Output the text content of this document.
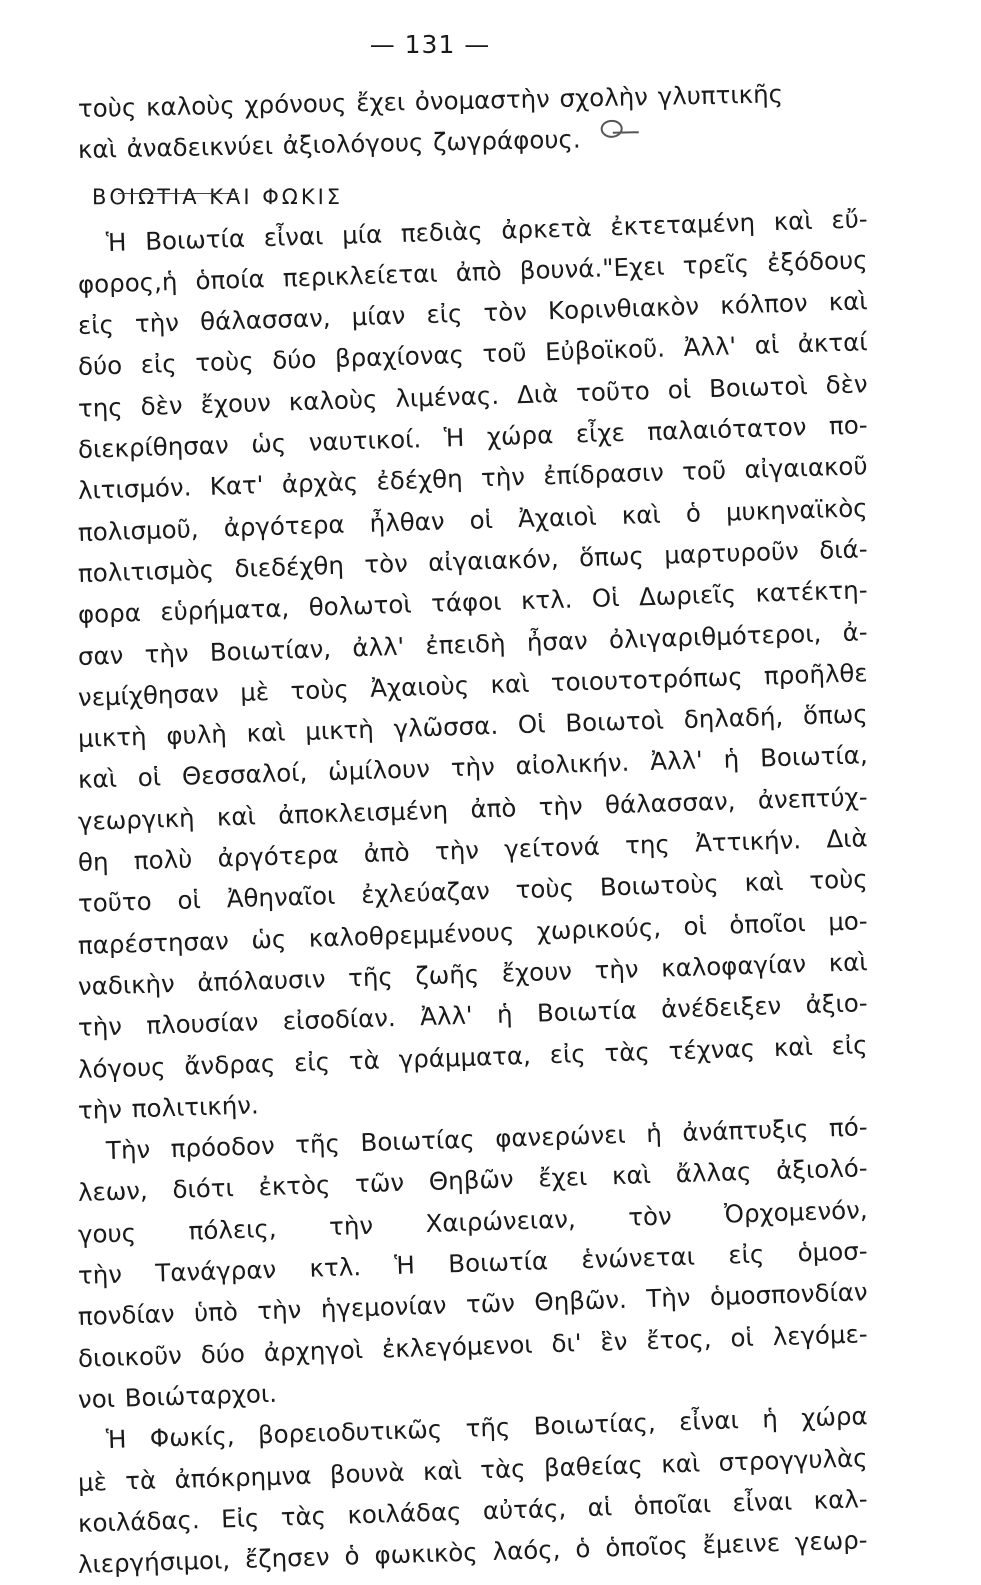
— 131 —
τοὺς καλοὺς χρόνους ἔχει ὀνομαστὴν σχολὴν γλυπτικῆς
καὶ ἀναδεικνύει ἀξιολόγους ζωγράφους.
ΒΟΙΩΤΙΑ ΚΑΙ ΦΩΚΙΣ
Ἡ Βοιωτία εἶναι μία πεδιὰς ἀρκετὰ ἐκτεταμένη καὶ εὔ-
φορος,ἡ ὁποία περικλείεται ἀπὸ βουνά."Εχει τρεῖς ἐξόδους
εἰς τὴν θάλασσαν, μίαν εἰς τὸν Κορινθιακὸν κόλπον καὶ
δύο εἰς τοὺς δύο βραχίονας τοῦ Εὐβοϊκοῦ. Ἀλλ' αἱ ἀκταί
της δὲν ἔχουν καλοὺς λιμένας. Διὰ τοῦτο οἱ Βοιωτοὶ δὲν
διεκρίθησαν ὡς ναυτικοί. Ἡ χώρα εἶχε παλαιότατον πο-
λιτισμόν. Κατ' ἀρχὰς ἐδέχθη τὴν ἐπίδρασιν τοῦ αἰγαιακοῦ
πολισμοῦ, ἀργότερα ἦλθαν οἱ Ἀχαιοὶ καὶ ὁ μυκηναϊκὸς
πολιτισμὸς διεδέχθη τὸν αἰγαιακόν, ὅπως μαρτυροῦν διά-
φορα εὑρήματα, θολωτοὶ τάφοι κτλ. Οἱ Δωριεῖς κατέκτη-
σαν τὴν Βοιωτίαν, ἀλλ' ἐπειδὴ ἦσαν ὀλιγαριθμότεροι, ἀ-
νεμίχθησαν μὲ τοὺς Ἀχαιοὺς καὶ τοιουτοτρόπως προῆλθε
μικτὴ φυλὴ καὶ μικτὴ γλῶσσα. Οἱ Βοιωτοὶ δηλαδή, ὅπως
καὶ οἱ Θεσσαλοί, ὡμίλουν τὴν αἰολικήν. Ἀλλ' ἡ Βοιωτία,
γεωργικὴ καὶ ἀποκλεισμένη ἀπὸ τὴν θάλασσαν, ἀνεπτύχ-
θη πολὺ ἀργότερα ἀπὸ τὴν γείτονά της Ἀττικήν. Διὰ
τοῦτο οἱ Ἀθηναῖοι ἐχλεύαζαν τοὺς Βοιωτοὺς καὶ τοὺς
παρέστησαν ὡς καλοθρεμμένους χωρικούς, οἱ ὁποῖοι μο-
ναδικὴν ἀπόλαυσιν τῆς ζωῆς ἔχουν τὴν καλοφαγίαν καὶ
τὴν πλουσίαν εἰσοδίαν. Ἀλλ' ἡ Βοιωτία ἀνέδειξεν ἀξιο-
λόγους ἄνδρας εἰς τὰ γράμματα, εἰς τὰς τέχνας καὶ εἰς
τὴν πολιτικήν.
Τὴν πρόοδον τῆς Βοιωτίας φανερώνει ἡ ἀνάπτυξις πό-
λεων, διότι ἐκτὸς τῶν Θηβῶν ἔχει καὶ ἄλλας ἀξιολό-
γους πόλεις, τὴν Χαιρώνειαν, τὸν Ὀρχομενόν,
τὴν Τανάγραν κτλ. Ἡ Βοιωτία ἑνώνεται εἰς ὁμοσ-
πονδίαν ὑπὸ τὴν ἡγεμονίαν τῶν Θηβῶν. Τὴν ὁμοσπονδίαν
διοικοῦν δύο ἀρχηγοὶ ἐκλεγόμενοι δι' ἓν ἔτος, οἱ λεγόμε-
νοι Βοιώταρχοι.
Ἡ Φωκίς, βορειοδυτικῶς τῆς Βοιωτίας, εἶναι ἡ χώρα
μὲ τὰ ἀπόκρημνα βουνὰ καὶ τὰς βαθείας καὶ στρογγυλὰς
κοιλάδας. Εἰς τὰς κοιλάδας αὐτάς, αἱ ὁποῖαι εἶναι καλ-
λιεργήσιμοι, ἔζησεν ὁ φωκικὸς λαός, ὁ ὁποῖος ἔμεινε γεωρ-
